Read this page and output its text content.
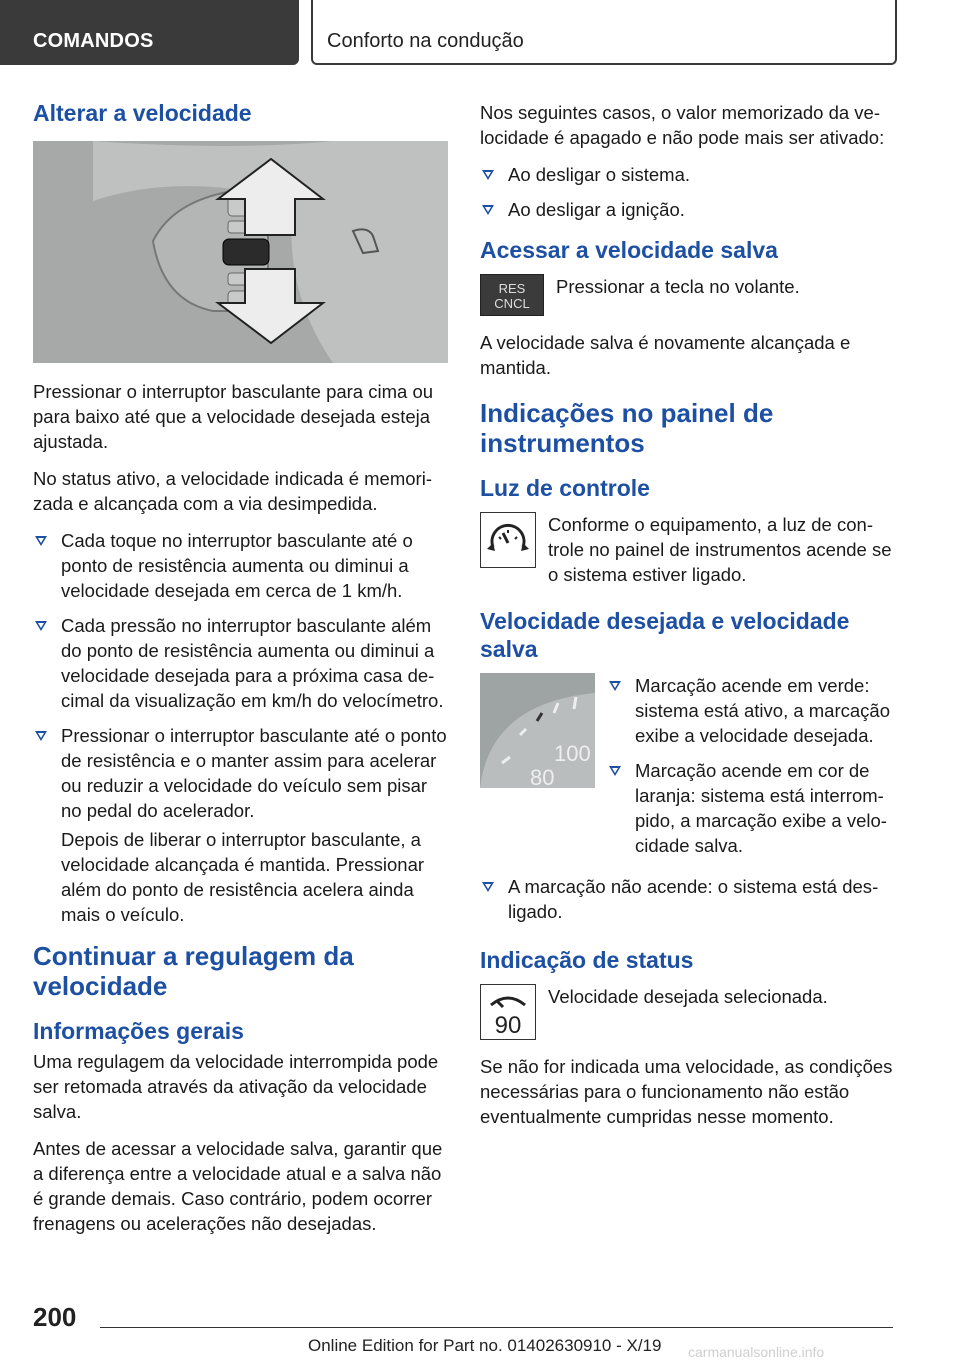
COMANDOS	Conforto na condução
Alterar a velocidade

Pressionar o interruptor basculante para cima ou para baixo até que a velocidade desejada esteja ajustada.

No status ativo, a velocidade indicada é memorizada e alcançada com a via desimpedida.

Cada toque no interruptor basculante até o ponto de resistência aumenta ou diminui a velocidade desejada em cerca de 1 km/h.
Cada pressão no interruptor basculante além do ponto de resistência aumenta ou diminui a velocidade desejada para a próxima casa decimal da visualização em km/h do velocímetro.
Pressionar o interruptor basculante até o ponto de resistência e o manter assim para acelerar ou reduzir a velocidade do veículo sem pisar no pedal do acelerador.
Depois de liberar o interruptor basculante, a velocidade alcançada é mantida. Pressionar além do ponto de resistência acelera ainda mais o veículo.
Continuar a regulagem da velocidade
Informações gerais

Uma regulagem da velocidade interrompida pode ser retomada através da ativação da velocidade salva.

Antes de acessar a velocidade salva, garantir que a diferença entre a velocidade atual e a salva não é grande demais. Caso contrário, podem ocorrer frenagens ou acelerações não desejadas.

Nos seguintes casos, o valor memorizado da velocidade é apagado e não pode mais ser ativado:

Ao desligar o sistema.
Ao desligar a ignição.
Acessar a velocidade salva
RES
CNCL

Pressionar a tecla no volante.

A velocidade salva é novamente alcançada e mantida.

Indicações no painel de instrumentos
Luz de controle

Conforme o equipamento, a luz de controle no painel de instrumentos acende se o sistema estiver ligado.

Velocidade desejada e velocidade salva
100
80
Marcação acende em verde: sistema está ativo, a marcação exibe a velocidade desejada.
Marcação acende em cor de laranja: sistema está interrompido, a marcação exibe a velocidade salva.
A marcação não acende: o sistema está desligado.
Indicação de status
90

Velocidade desejada selecionada.

Se não for indicada uma velocidade, as condições necessárias para o funcionamento não estão eventualmente cumpridas nesse momento.

200
Online Edition for Part no. 01402630910 - X/19 carmanualsonline.info
